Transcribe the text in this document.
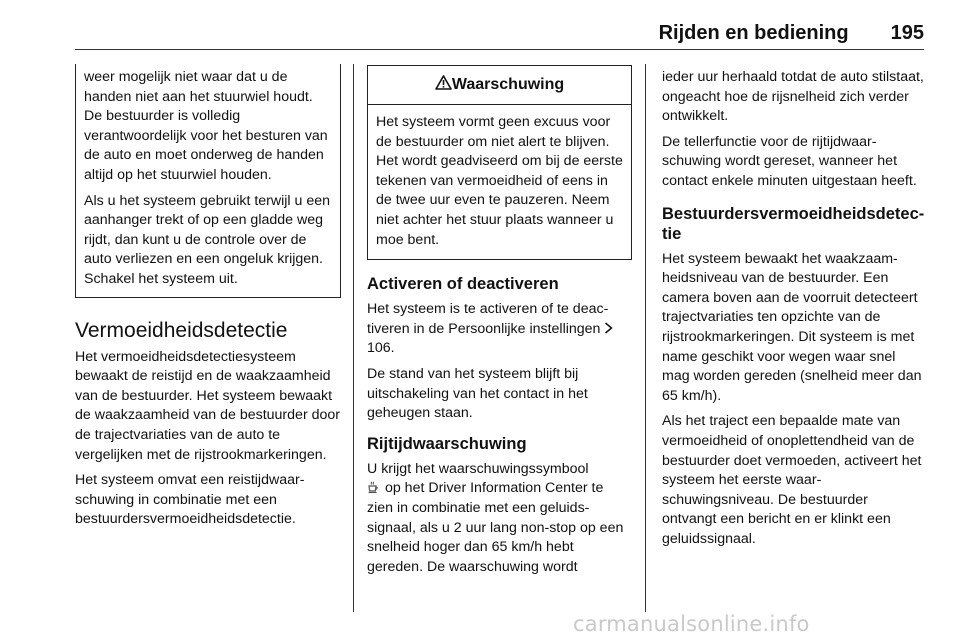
Rijden en bediening 195

weer mogelijk niet waar dat u de handen niet aan het stuurwiel houdt. De bestuurder is volledig verantwoordelijk voor het besturen van de auto en moet onderweg de handen altijd op het stuurwiel houden.

Als u het systeem gebruikt terwijl u een aanhanger trekt of op een gladde weg rijdt, dan kunt u de controle over de auto verliezen en een ongeluk krijgen. Schakel het systeem uit.

Vermoeidheidsdetectie

Het vermoeidheidsdetectiesysteem bewaakt de reistijd en de waakzaamheid van de bestuurder. Het systeem bewaakt de waakzaamheid van de bestuurder door de trajectvariaties van de auto te vergelijken met de rijstrookmarkeringen.

Het systeem omvat een reistijdwaarschuwing in combinatie met een bestuurdersvermoeidheidsdetectie.

Waarschuwing

Het systeem vormt geen excuus voor de bestuurder om niet alert te blijven. Het wordt geadviseerd om bij de eerste tekenen van vermoeidheid of eens in de twee uur even te pauzeren. Neem niet achter het stuur plaats wanneer u moe bent.

Activeren of deactiveren

Het systeem is te activeren of te deactiveren in de Persoonlijke instellingen  106.

De stand van het systeem blijft bij uitschakeling van het contact in het geheugen staan.

Rijtijdwaarschuwing

U krijgt het waarschuwingssymbool
op het Driver Information Center te zien in combinatie met een geluidssignaal, als u 2 uur lang non-stop op een snelheid hoger dan 65 km/h hebt gereden. De waarschuwing wordt

ieder uur herhaald totdat de auto stilstaat, ongeacht hoe de rijsnelheid zich verder ontwikkelt.

De tellerfunctie voor de rijtijdwaarschuwing wordt gereset, wanneer het contact enkele minuten uitgestaan heeft.

Bestuurdersvermoeidheidsdetectie

Het systeem bewaakt het waakzaamheidsniveau van de bestuurder. Een camera boven aan de voorruit detecteert trajectvariaties ten opzichte van de rijstrookmarkeringen. Dit systeem is met name geschikt voor wegen waar snel mag worden gereden (snelheid meer dan 65 km/h).

Als het traject een bepaalde mate van vermoeidheid of onoplettendheid van de bestuurder doet vermoeden, activeert het systeem het eerste waarschuwingsniveau. De bestuurder ontvangt een bericht en er klinkt een geluidssignaal.

carmanualsonline.info
